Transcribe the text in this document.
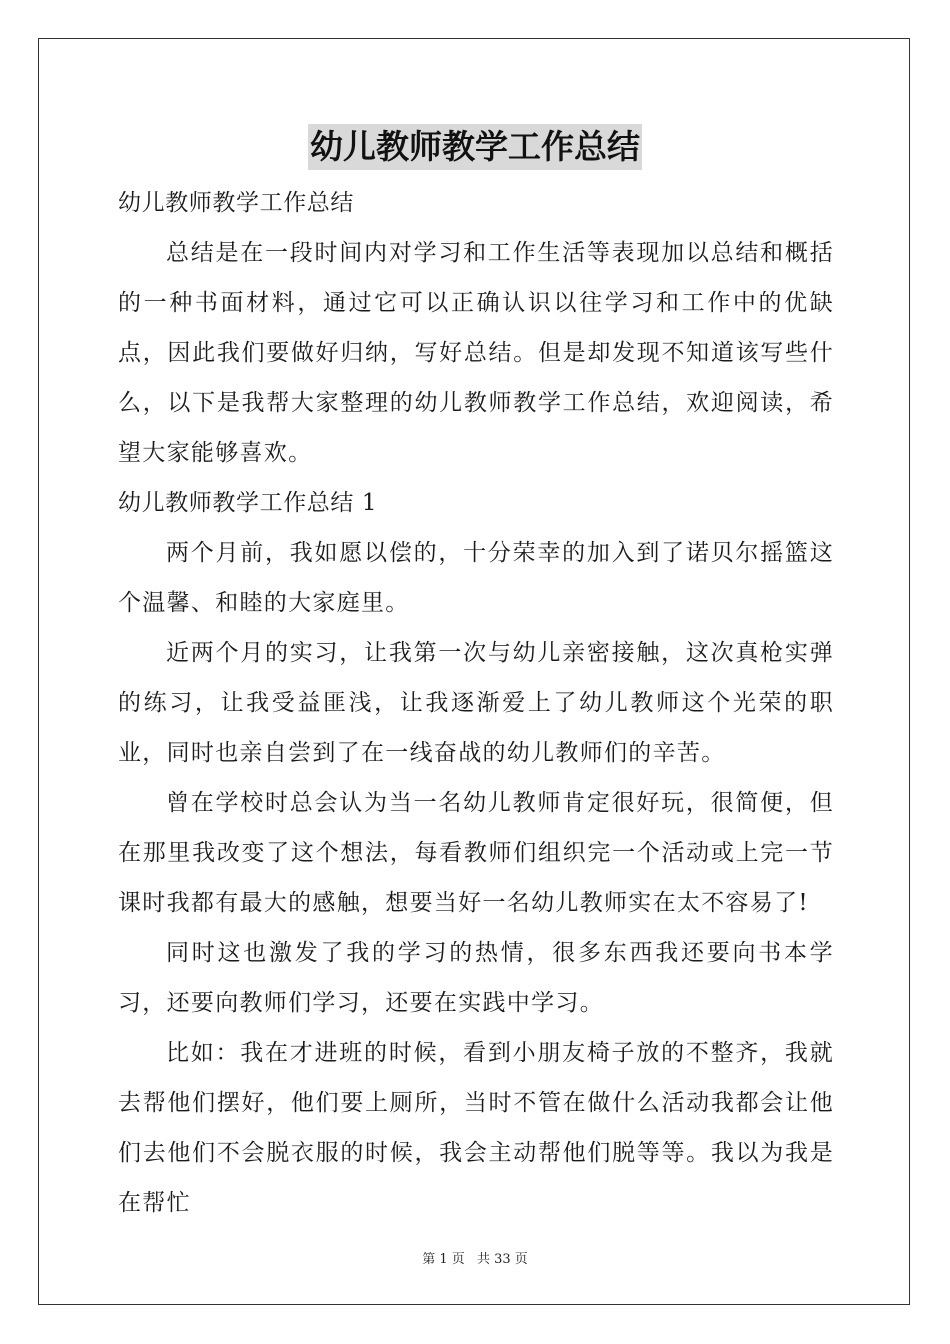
幼儿教师教学工作总结

幼儿教师教学工作总结

总结是在一段时间内对学习和工作生活等表现加以总结和概括的一种书面材料，通过它可以正确认识以往学习和工作中的优缺点，因此我们要做好归纳，写好总结。但是却发现不知道该写些什么，以下是我帮大家整理的幼儿教师教学工作总结，欢迎阅读，希望大家能够喜欢。

幼儿教师教学工作总结 1

两个月前，我如愿以偿的，十分荣幸的加入到了诺贝尔摇篮这个温馨、和睦的大家庭里。

近两个月的实习，让我第一次与幼儿亲密接触，这次真枪实弹的练习，让我受益匪浅，让我逐渐爱上了幼儿教师这个光荣的职业，同时也亲自尝到了在一线奋战的幼儿教师们的辛苦。

曾在学校时总会认为当一名幼儿教师肯定很好玩，很简便，但在那里我改变了这个想法，每看教师们组织完一个活动或上完一节课时我都有最大的感触，想要当好一名幼儿教师实在太不容易了!

同时这也激发了我的学习的热情，很多东西我还要向书本学习，还要向教师们学习，还要在实践中学习。

比如：我在才进班的时候，看到小朋友椅子放的不整齐，我就去帮他们摆好，他们要上厕所，当时不管在做什么活动我都会让他们去他们不会脱衣服的时候，我会主动帮他们脱等等。我以为我是在帮忙

第 1 页 共 33 页
